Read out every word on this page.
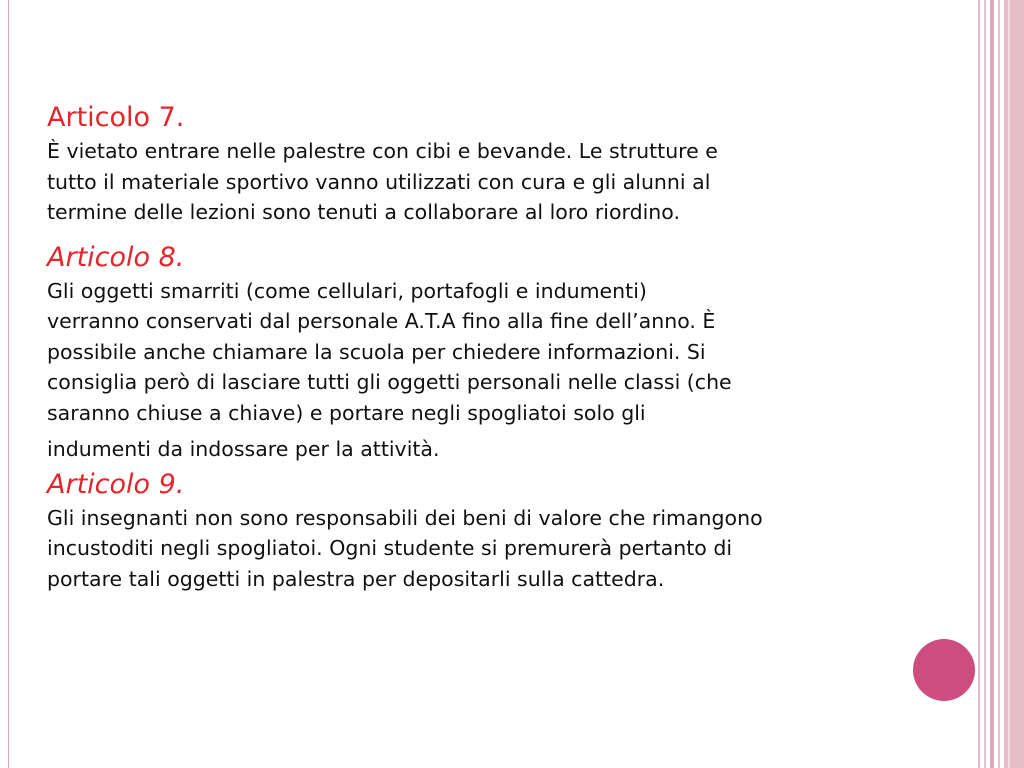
Articolo 7.
È vietato entrare nelle palestre con cibi e bevande. Le strutture e
tutto il materiale sportivo vanno utilizzati con cura e gli alunni al
termine delle lezioni sono tenuti a collaborare al loro riordino.
Articolo 8.
Gli oggetti smarriti (come cellulari, portafogli e indumenti)
verranno conservati dal personale A.T.A fino alla fine dell’anno. È
possibile anche chiamare la scuola per chiedere informazioni. Si
consiglia però di lasciare tutti gli oggetti personali nelle classi (che
saranno chiuse a chiave) e portare negli spogliatoi solo gli
indumenti da indossare per la attività.
Articolo 9.
Gli insegnanti non sono responsabili dei beni di valore che rimangono
incustoditi negli spogliatoi. Ogni studente si premurerà pertanto di
portare tali oggetti in palestra per depositarli sulla cattedra.
